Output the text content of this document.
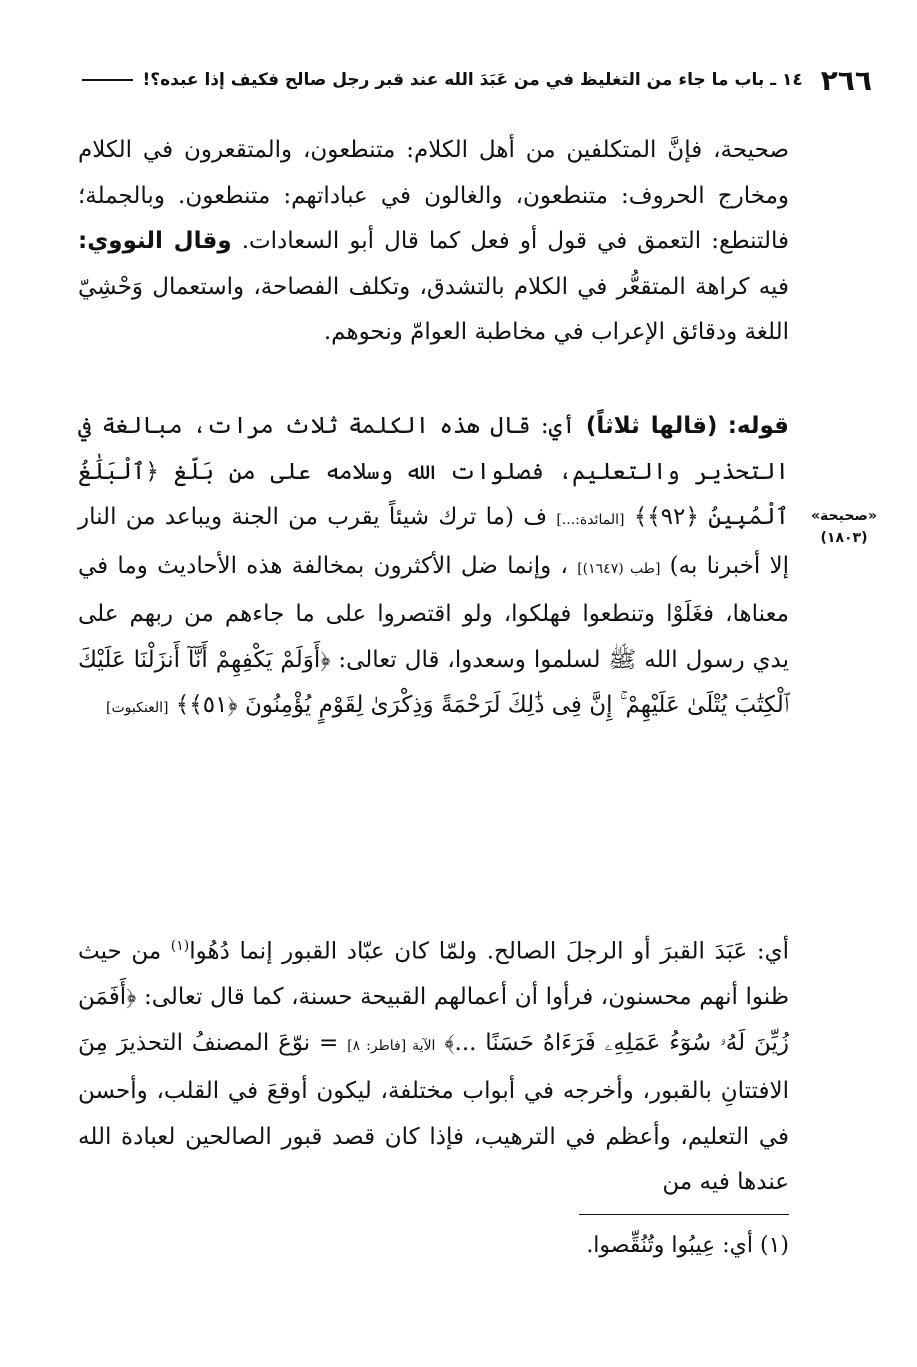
٢٦٦
١٤ ـ باب ما جاء من التغليظ في من عَبَدَ الله عند قبر رجل صالح فكيف إذا عبده؟!

صحيحة، فإنَّ المتكلفين من أهل الكلام: متنطعون، والمتقعرون في الكلام ومخارج الحروف: متنطعون، والغالون في عباداتهم: متنطعون. وبالجملة؛ فالتنطع: التعمق في قول أو فعل كما قال أبو السعادات. وقال النووي: فيه كراهة المتقعُّر في الكلام بالتشدق، وتكلف الفصاحة، واستعمال وَحْشِيّ اللغة ودقائق الإعراب في مخاطبة العوامّ ونحوهم.

قوله: (قالها ثلاثاً) أي: قال هذه الكلمة ثلاث مرات، مبالغة في التحذير والتعليم، فصلوات الله وسلامه على من بَلّغ ﴿ٱلْبَلَٰغُ ٱلْمُبِينُ ﴿٩٢﴾﴾ [المائدة:...] ف (ما ترك شيئاً يقرب من الجنة ويباعد من النار إلا أخبرنا به) [طب (١٦٤٧)] ، وإنما ضل الأكثرون بمخالفة هذه الأحاديث وما في معناها، فغَلَوْا وتنطعوا فهلكوا، ولو اقتصروا على ما جاءهم من ربهم على يدي رسول الله ﷺ لسلموا وسعدوا، قال تعالى: ﴿أَوَلَمْ يَكْفِهِمْ أَنَّآ أَنزَلْنَا عَلَيْكَ ٱلْكِتَٰبَ يُتْلَىٰ عَلَيْهِمْ ۚ إِنَّ فِى ذَٰلِكَ لَرَحْمَةً وَذِكْرَىٰ لِقَوْمٍ يُؤْمِنُونَ ﴿٥١﴾﴾ [العنكبوت]

«صحيحة» (١٨٠٣)

أي: عَبَدَ القبرَ أو الرجلَ الصالح. ولمّا كان عبّاد القبور إنما دُهُوا$^{(١)}$ من حيث ظنوا أنهم محسنون، فرأوا أن أعمالهم القبيحة حسنة، كما قال تعالى: ﴿أَفَمَن زُيِّنَ لَهُۥ سُوٓءُ عَمَلِهِۦ فَرَءَاهُ حَسَنًا ...﴾ الآية [فاطر: ٨] = نوّعَ المصنفُ التحذيرَ مِنَ الافتتانِ بالقبور، وأخرجه في أبواب مختلفة، ليكون أوقعَ في القلب، وأحسن في التعليم، وأعظم في الترهيب، فإذا كان قصد قبور الصالحين لعبادة الله عندها فيه من

(١) أي: عِيبُوا وتُنُقِّصوا.
